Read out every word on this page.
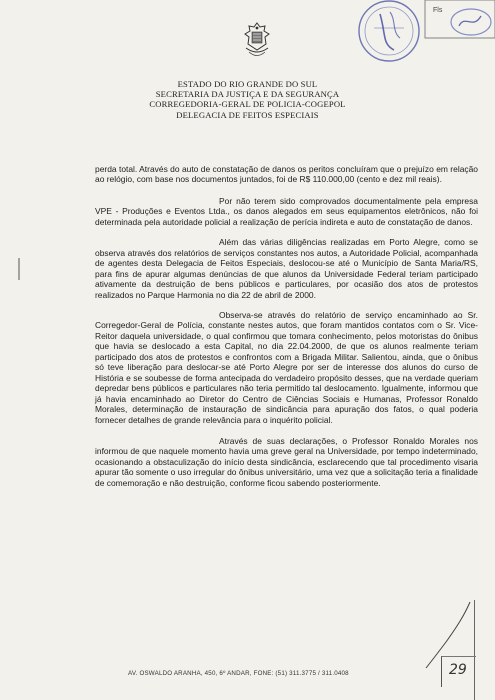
Fls
ESTADO DO RIO GRANDE DO SUL
SECRETARIA DA JUSTIÇA E DA SEGURANÇA
CORREGEDORIA-GERAL DE POLICIA-COGEPOL
DELEGACIA DE FEITOS ESPECIAIS

perda total. Através do auto de constatação de danos os peritos concluíram que o prejuízo em relação ao relógio, com base nos documentos juntados, foi de R$ 110.000,00 (cento e dez mil reais).

Por não terem sido comprovados documentalmente pela empresa VPE - Produções e Eventos Ltda., os danos alegados em seus equipamentos eletrônicos, não foi determinada pela autoridade policial a realização de perícia indireta e auto de constatação de danos.

Além das várias diligências realizadas em Porto Alegre, como se observa através dos relatórios de serviços constantes nos autos, a Autoridade Policial, acompanhada de agentes desta Delegacia de Feitos Especiais, deslocou-se até o Município de Santa Maria/RS, para fins de apurar algumas denúncias de que alunos da Universidade Federal teriam participado ativamente da destruição de bens públicos e particulares, por ocasião dos atos de protestos realizados no Parque Harmonia no dia 22 de abril de 2000.

Observa-se através do relatório de serviço encaminhado ao Sr. Corregedor-Geral de Polícia, constante nestes autos, que foram mantidos contatos com o Sr. Vice-Reitor daquela universidade, o qual confirmou que tomara conhecimento, pelos motoristas do ônibus que havia se deslocado a esta Capital, no dia 22.04.2000, de que os alunos realmente teriam participado dos atos de protestos e confrontos com a Brigada Militar. Salientou, ainda, que o ônibus só teve liberação para deslocar-se até Porto Alegre por ser de interesse dos alunos do curso de História e se soubesse de forma antecipada do verdadeiro propósito desses, que na verdade queriam depredar bens públicos e particulares não teria permitido tal deslocamento. Igualmente, informou que já havia encaminhado ao Diretor do Centro de Ciências Sociais e Humanas, Professor Ronaldo Morales, determinação de instauração de sindicância para apuração dos fatos, o qual poderia fornecer detalhes de grande relevância para o inquérito policial.

Através de suas declarações, o Professor Ronaldo Morales nos informou de que naquele momento havia uma greve geral na Universidade, por tempo indeterminado, ocasionando a obstaculização do início desta sindicância, esclarecendo que tal procedimento visaria apurar tão somente o uso irregular do ônibus universitário, uma vez que a solicitação teria a finalidade de comemoração e não destruição, conforme ficou sabendo posteriormente.

AV. OSWALDO ARANHA, 450, 6º ANDAR, FONE: (51) 311.3775 / 311.0408	29
